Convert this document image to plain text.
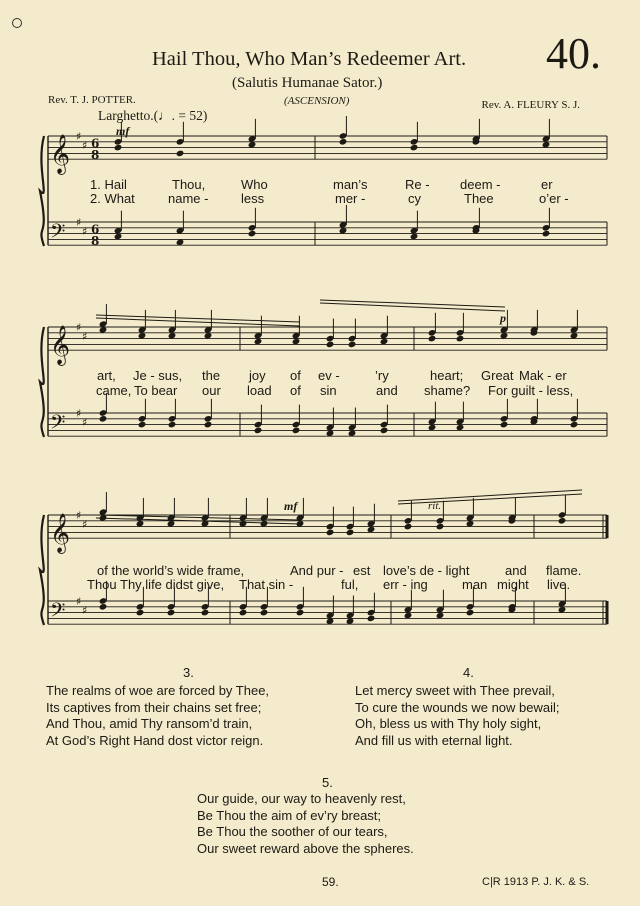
Hail Thou, Who Man’s Redeemer Art. 40.
(Salutis Humanae Sator.)
(ASCENSION)
Rev. T. J. POTTER.	Rev. A. FLEURY S. J.
Larghetto.(♩. = 52)
𝄞 ♯
♯ 6
8
𝄢 ♯
♯ 6
8
𝄞 ♯
♯
𝄢 ♯
♯
𝄞 ♯
♯
𝄢 ♯
♯
mf
p
mf	rit.
1. Hail	Thou,	Who	man’s	Re - deem -	er
2. What	name -	less	mer -	cy	Thee	o’er -
art, Je - sus, the joy of ev -	’ry	heart; Great Mak - er
came, To bear our load of sin	and shame? For guilt - less,
of the world’s wide frame,	And pur - est love’s de - light	and flame.
Thou Thy life didst give, That sin -	ful, err - ing	man might live.
3.
The realms of woe are forced by Thee,
Its captives from their chains set free;
And Thou, amid Thy ransom’d train,
At God’s Right Hand dost victor reign.
4.
Let mercy sweet with Thee prevail,
To cure the wounds we now bewail;
Oh, bless us with Thy holy sight,
And fill us with eternal light.
5.
Our guide, our way to heavenly rest,
Be Thou the aim of ev’ry breast;
Be Thou the soother of our tears,
Our sweet reward above the spheres.
59.	C|R 1913 P. J. K. & S.
